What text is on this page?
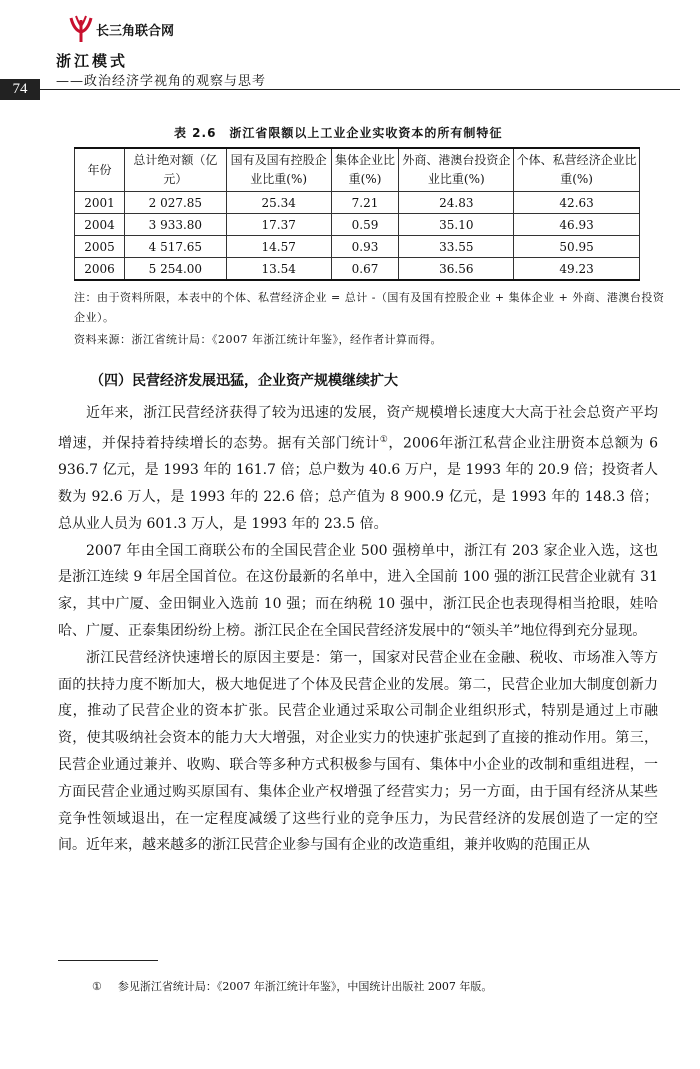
长三角联合网
浙江模式
——政治经济学视角的观察与思考
74
表 2.6　浙江省限额以上工业企业实收资本的所有制特征
年份	总计绝对额（亿元）	国有及国有控股企业比重(%)	集体企业比重(%)	外商、港澳台投资企业比重(%)	个体、私营经济企业比重(%)
2001	2 027.85	25.34	7.21	24.83	42.63
2004	3 933.80	17.37	0.59	35.10	46.93
2005	4 517.65	14.57	0.93	33.55	50.95
2006	5 254.00	13.54	0.67	36.56	49.23
注：由于资料所限，本表中的个体、私营经济企业 = 总计 -（国有及国有控股企业 + 集体企业 + 外商、港澳台投资企业）。
资料来源：浙江省统计局：《2007 年浙江统计年鉴》，经作者计算而得。
（四）民营经济发展迅猛，企业资产规模继续扩大

近年来，浙江民营经济获得了较为迅速的发展，资产规模增长速度大大高于社会总资产平均增速，并保持着持续增长的态势。据有关部门统计①，2006年浙江私营企业注册资本总额为 6 936.7 亿元，是 1993 年的 161.7 倍；总户数为 40.6 万户，是 1993 年的 20.9 倍；投资者人数为 92.6 万人，是 1993 年的 22.6 倍；总产值为 8 900.9 亿元，是 1993 年的 148.3 倍；总从业人员为 601.3 万人，是 1993 年的 23.5 倍。

2007 年由全国工商联公布的全国民营企业 500 强榜单中，浙江有 203 家企业入选，这也是浙江连续 9 年居全国首位。在这份最新的名单中，进入全国前 100 强的浙江民营企业就有 31 家，其中广厦、金田铜业入选前 10 强；而在纳税 10 强中，浙江民企也表现得相当抢眼，娃哈哈、广厦、正泰集团纷纷上榜。浙江民企在全国民营经济发展中的“领头羊”地位得到充分显现。

浙江民营经济快速增长的原因主要是：第一，国家对民营企业在金融、税收、市场准入等方面的扶持力度不断加大，极大地促进了个体及民营企业的发展。第二，民营企业加大制度创新力度，推动了民营企业的资本扩张。民营企业通过采取公司制企业组织形式，特别是通过上市融资，使其吸纳社会资本的能力大大增强，对企业实力的快速扩张起到了直接的推动作用。第三，民营企业通过兼并、收购、联合等多种方式积极参与国有、集体中小企业的改制和重组进程，一方面民营企业通过购买原国有、集体企业产权增强了经营实力；另一方面，由于国有经济从某些竞争性领域退出，在一定程度减缓了这些行业的竞争压力，为民营经济的发展创造了一定的空间。近年来，越来越多的浙江民营企业参与国有企业的改造重组，兼并收购的范围正从

① 参见浙江省统计局：《2007 年浙江统计年鉴》，中国统计出版社 2007 年版。
